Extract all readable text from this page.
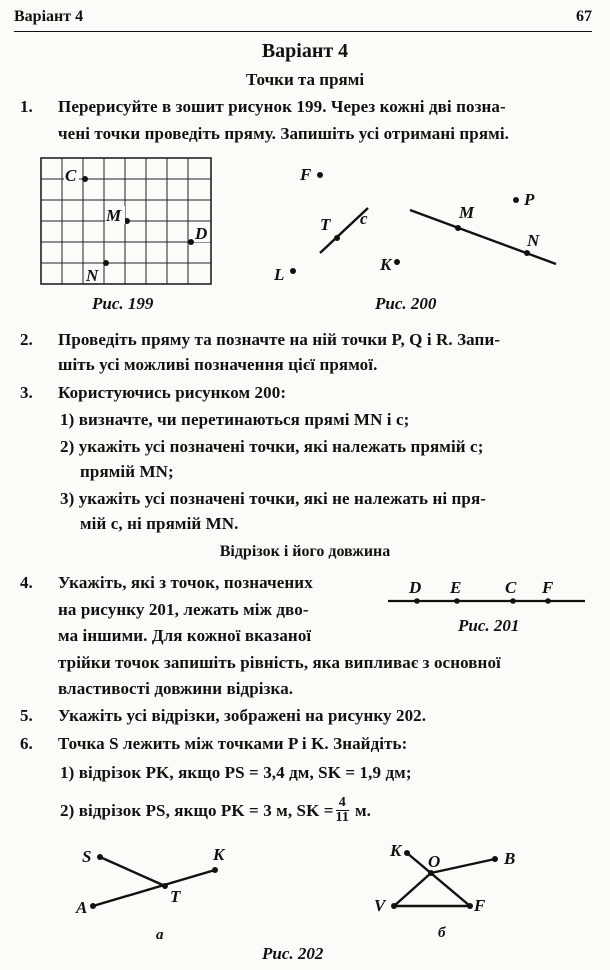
Варіант 4	67
Варіант 4
Точки та прямі
1. Перерисуйте в зошит рисунок 199. Через кожні дві позна-
чені точки проведіть пряму. Запишіть усі отримані прямі.
C
M
D
N
Рис. 199
F
T c
L
K
M
P
N
Рис. 200
2. Проведіть пряму та позначте на ній точки P, Q і R. Запи-
шіть усі можливі позначення цієї прямої.
3. Користуючись рисунком 200:
1) визначте, чи перетинаються прямі MN і c;
2) укажіть усі позначені точки, які належать прямій c;
прямій MN;
3) укажіть усі позначені точки, які не належать ні пря-
мій c, ні прямій MN.
Відрізок і його довжина
4. Укажіть, які з точок, позначених
на рисунку 201, лежать між дво-
ма іншими. Для кожної вказаної
трійки точок запишіть рівність, яка випливає з основної
властивості довжини відрізка.
D E	C F
Рис. 201
5. Укажіть усі відрізки, зображені на рисунку 202.
6. Точка S лежить між точками P і K. Знайдіть:
1) відрізок PK, якщо PS = 3,4 дм, SK = 1,9 дм;
2) відрізок PS, якщо PK = 3 м, SK = $\frac{4}{11} м$.
S	K
T
A
а
K
O	B
V	F
б
Рис. 202
